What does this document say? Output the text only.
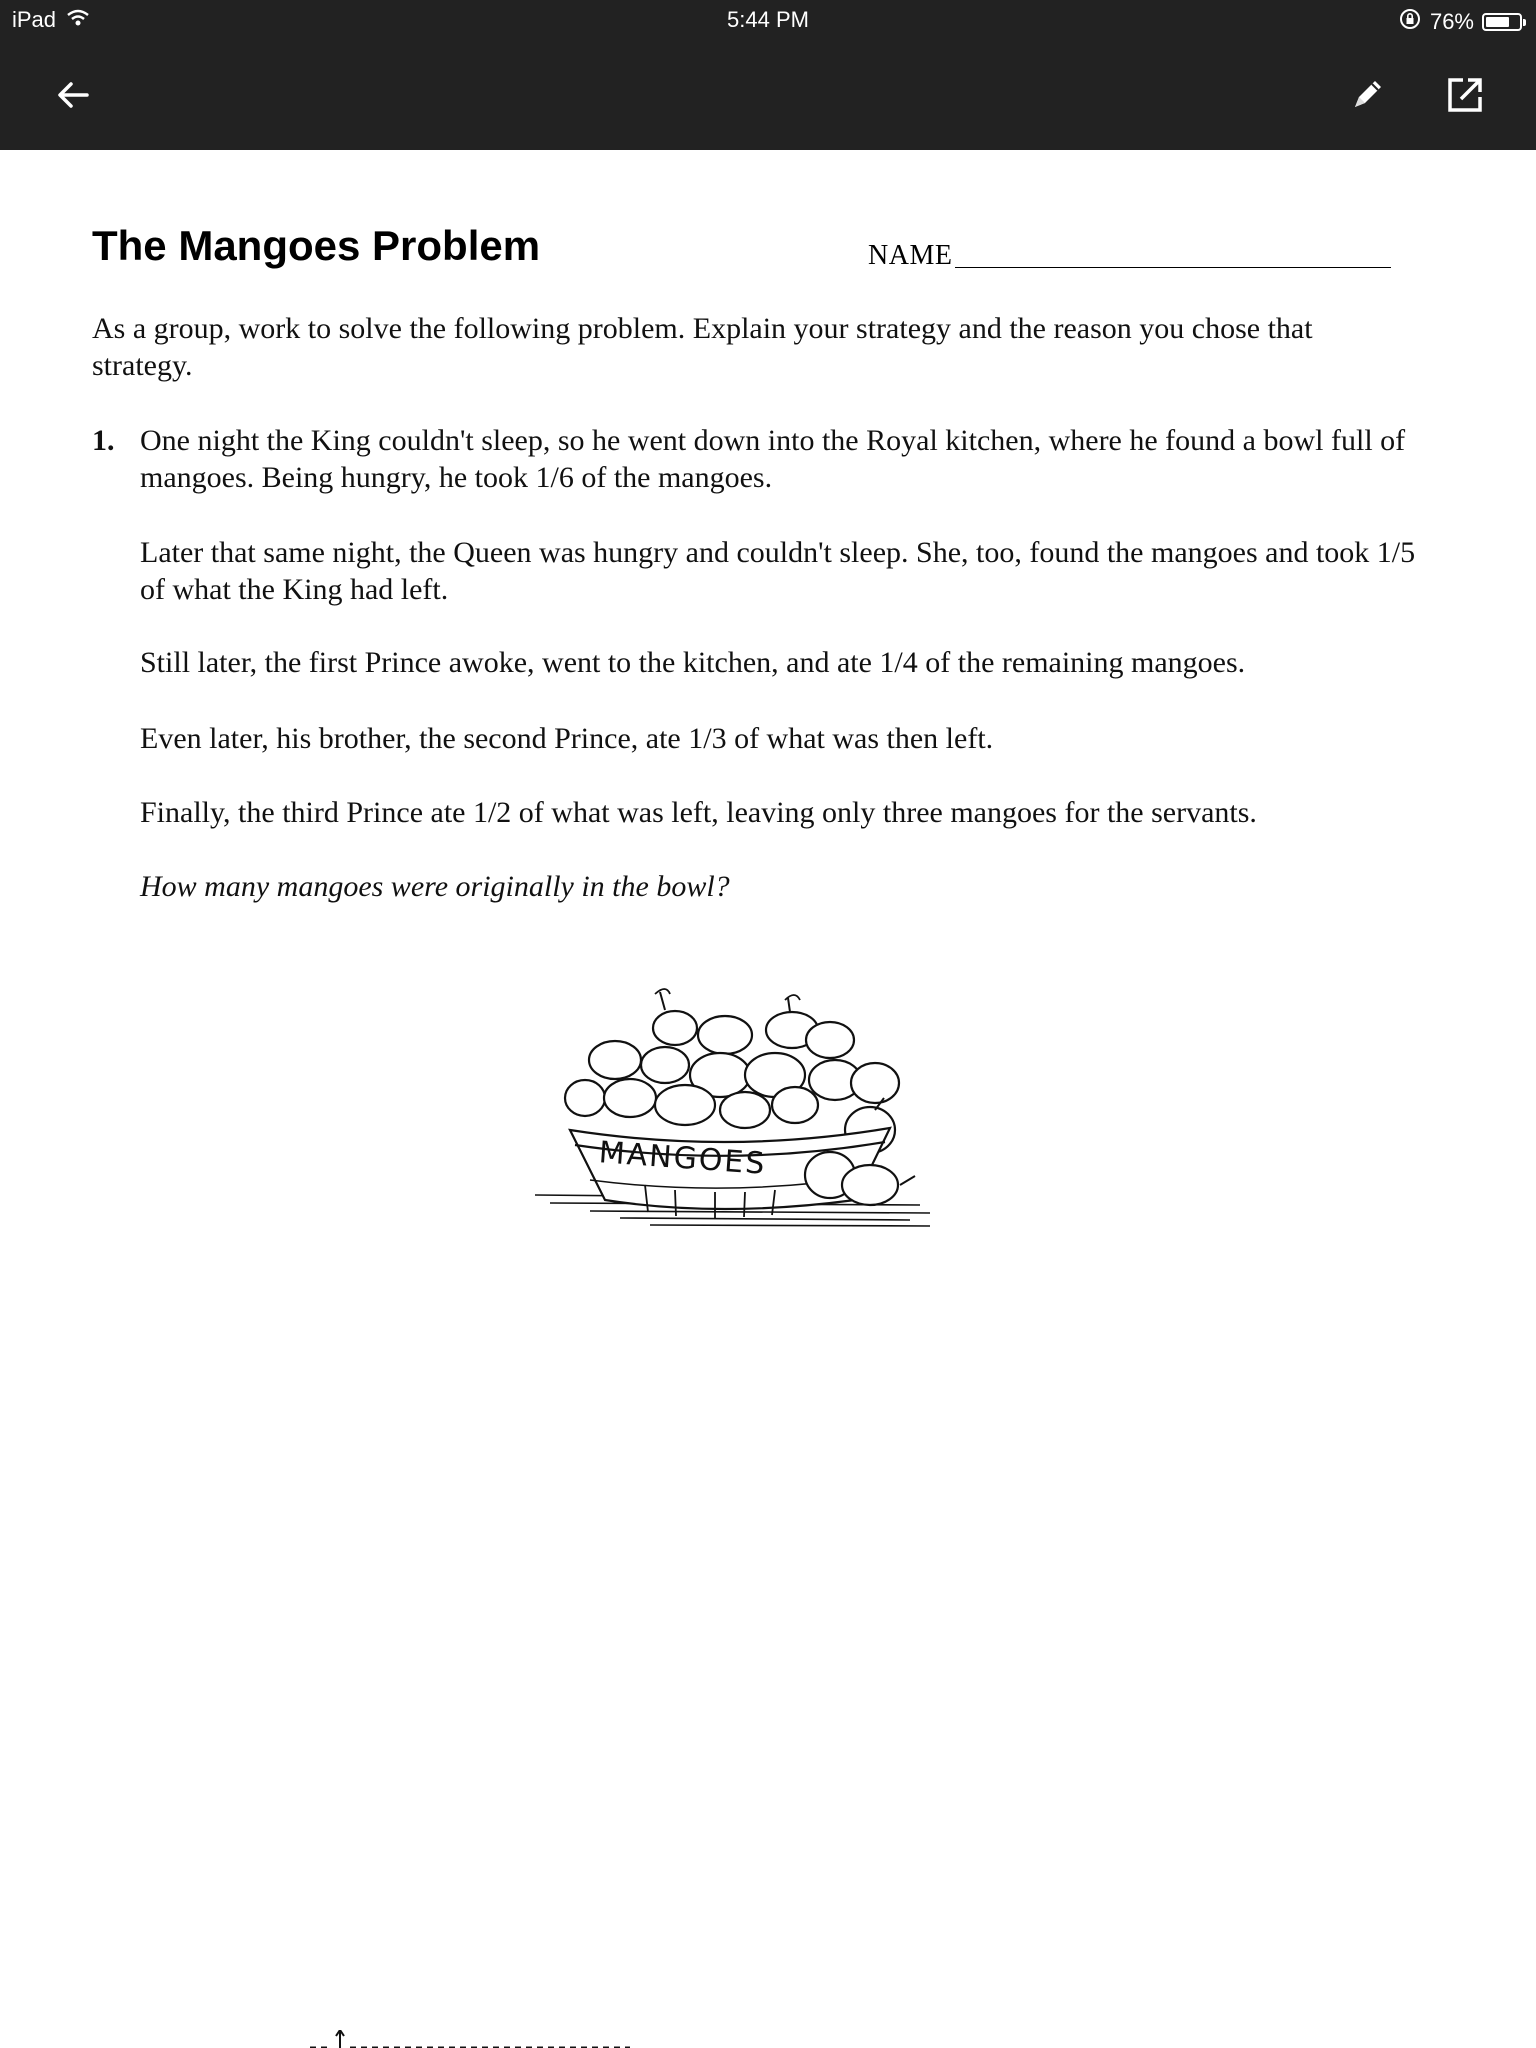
iPad	5:44 PM	76%
The Mangoes Problem	NAME
As a group, work to solve the following problem. Explain your strategy and the reason you chose that strategy.
1. One night the King couldn't sleep, so he went down into the Royal kitchen, where he found a bowl full of mangoes. Being hungry, he took 1/6 of the mangoes.
Later that same night, the Queen was hungry and couldn't sleep. She, too, found the mangoes and took 1/5 of what the King had left.
Still later, the first Prince awoke, went to the kitchen, and ate 1/4 of the remaining mangoes.
Even later, his brother, the second Prince, ate 1/3 of what was then left.
Finally, the third Prince ate 1/2 of what was left, leaving only three mangoes for the servants.
How many mangoes were originally in the bowl?
MANGOES
